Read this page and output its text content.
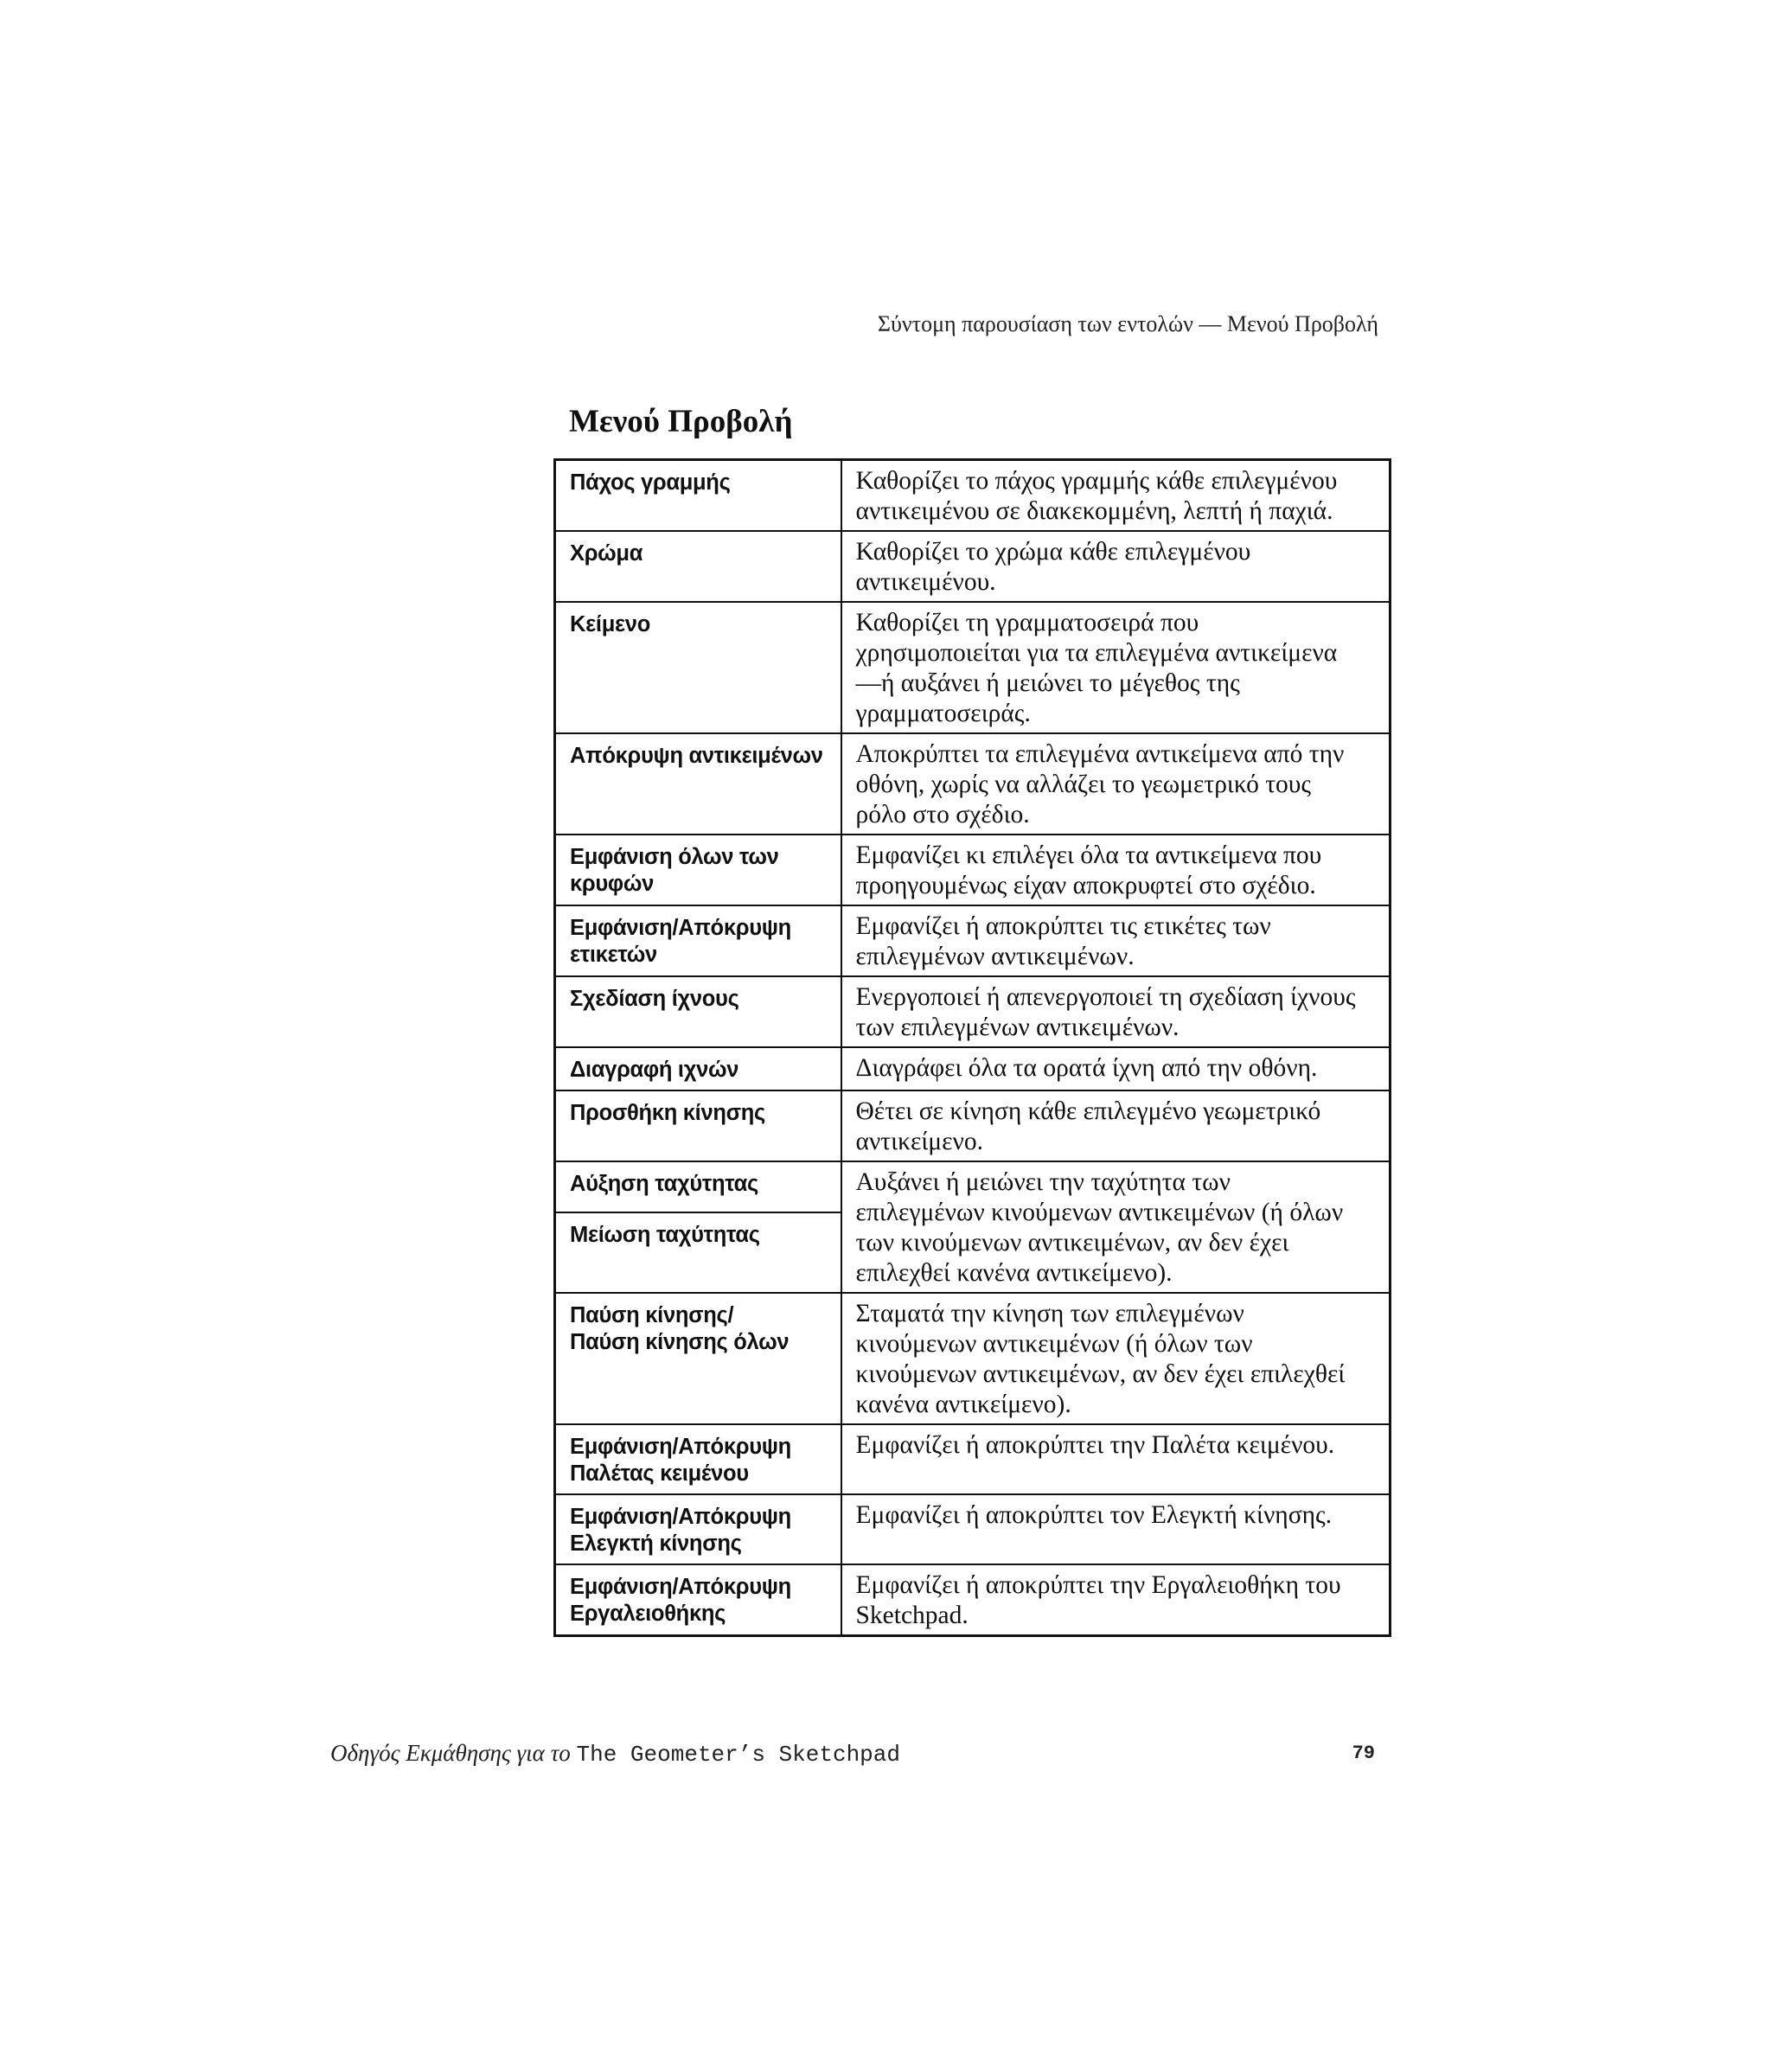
Σύντομη παρουσίαση των εντολών — Μενού Προβολή
Μενού Προβολή
Πάχος γραμμής	Καθορίζει το πάχος γραμμής κάθε επιλεγμένου
αντικειμένου σε διακεκομμένη, λεπτή ή παχιά.

Χρώμα	Καθορίζει το χρώμα κάθε επιλεγμένου
αντικειμένου.

Κείμενο	Καθορίζει τη γραμματοσειρά που
χρησιμοποιείται για τα επιλεγμένα αντικείμενα
—ή αυξάνει ή μειώνει το μέγεθος της
γραμματοσειράς.

Απόκρυψη αντικειμένων	Αποκρύπτει τα επιλεγμένα αντικείμενα από την
οθόνη, χωρίς να αλλάζει το γεωμετρικό τους
ρόλο στο σχέδιο.

Εμφάνιση όλων των
κρυφών	Εμφανίζει κι επιλέγει όλα τα αντικείμενα που
προηγουμένως είχαν αποκρυφτεί στο σχέδιο.

Εμφάνιση/Απόκρυψη
ετικετών	Εμφανίζει ή αποκρύπτει τις ετικέτες των
επιλεγμένων αντικειμένων.

Σχεδίαση ίχνους	Ενεργοποιεί ή απενεργοποιεί τη σχεδίαση ίχνους
των επιλεγμένων αντικειμένων.

Διαγραφή ιχνών	Διαγράφει όλα τα ορατά ίχνη από την οθόνη.

Προσθήκη κίνησης	Θέτει σε κίνηση κάθε επιλεγμένο γεωμετρικό
αντικείμενο.

Αύξηση ταχύτητας	Αυξάνει ή μειώνει την ταχύτητα των
επιλεγμένων κινούμενων αντικειμένων (ή όλων
των κινούμενων αντικειμένων, αν δεν έχει
επιλεχθεί κανένα αντικείμενο).

Μείωση ταχύτητας	

Παύση κίνησης/
Παύση κίνησης όλων	Σταματά την κίνηση των επιλεγμένων
κινούμενων αντικειμένων (ή όλων των
κινούμενων αντικειμένων, αν δεν έχει επιλεχθεί
κανένα αντικείμενο).

Εμφάνιση/Απόκρυψη
Παλέτας κειμένου	Εμφανίζει ή αποκρύπτει την Παλέτα κειμένου.

Εμφάνιση/Απόκρυψη
Ελεγκτή κίνησης	Εμφανίζει ή αποκρύπτει τον Ελεγκτή κίνησης.

Εμφάνιση/Απόκρυψη
Εργαλειοθήκης	Εμφανίζει ή αποκρύπτει την Εργαλειοθήκη του
Sketchpad.
Οδηγός Εκμάθησης για το The Geometer’s Sketchpad	79
